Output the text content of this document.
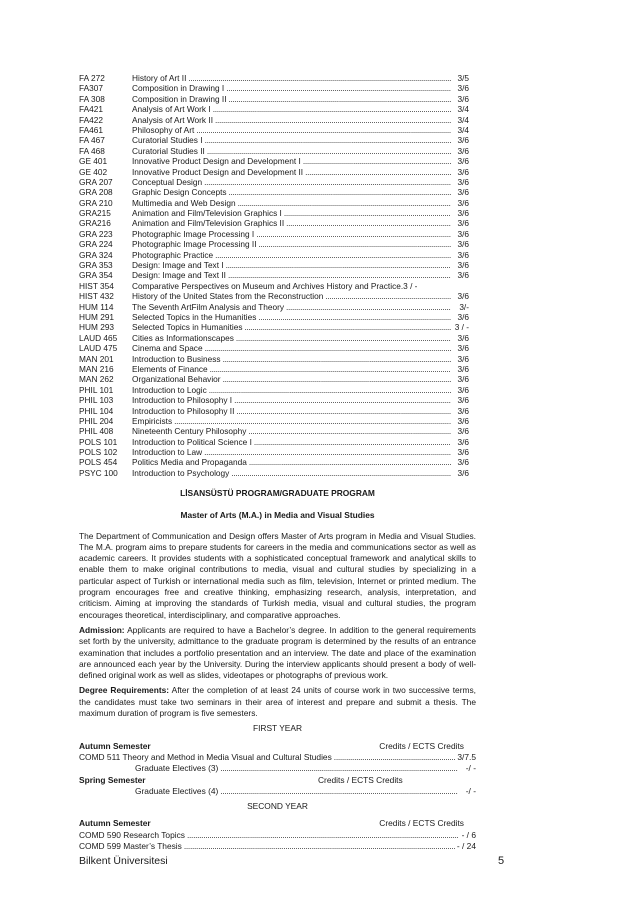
FA 272	History of Art II .....	3/5
FA307	Composition in Drawing I .....	3/6
FA 308	Composition in Drawing II .....	3/6
FA421	Analysis of Art Work I .....	3/4
FA422	Analysis of Art Work II .....	3/4
FA461	Philosophy of Art .....	3/4
FA 467	Curatorial Studies I .....	3/6
FA 468	Curatorial Studies II .....	3/6
GE 401	Innovative Product Design and Development I .....	3/6
GE 402	Innovative Product Design and Development II .....	3/6
GRA 207	Conceptual Design .....	3/6
GRA 208	Graphic Design Concepts .....	3/6
GRA 210	Multimedia and Web Design .....	3/6
GRA215	Animation and Film/Television Graphics I .....	3/6
GRA216	Animation and Film/Television Graphics II .....	3/6
GRA 223	Photographic Image Processing I .....	3/6
GRA 224	Photographic Image Processing II .....	3/6
GRA 324	Photographic Practice .....	3/6
GRA 353	Design: Image and Text I .....	3/6
GRA 354	Design: Image and Text II .....	3/6
HIST 354	Comparative Perspectives on Museum and Archives History and Practice . 3 / -
HIST 432	History of the United States from the Reconstruction .....	3/6
HUM 114	The Seventh ArtFilm Analysis and Theory .....	3/-
HUM 291	Selected Topics in the Humanities .....	3/6
HUM 293	Selected Topics in Humanities .....	3 / -
LAUD 465	Cities as Informationscapes .....	3/6
LAUD 475	Cinema and Space .....	3/6
MAN 201	Introduction to Business .....	3/6
MAN 216	Elements of Finance .....	3/6
MAN 262	Organizational Behavior .....	3/6
PHIL 101	Introduction to Logic .....	3/6
PHIL 103	Introduction to Philosophy I .....	3/6
PHIL 104	Introduction to Philosophy II .....	3/6
PHIL 204	Empiricists .....	3/6
PHIL 408	Nineteenth Century Philosophy .....	3/6
POLS 101	Introduction to Political Science I .....	3/6
POLS 102	Introduction to Law .....	3/6
POLS 454	Politics Media and Propaganda .....	3/6
PSYC 100	Introduction to Psychology .....	3/6
LİSANSÜSTÜ PROGRAM/GRADUATE PROGRAM
Master of Arts (M.A.) in Media and Visual Studies

The Department of Communication and Design offers Master of Arts program in Media and Visual Studies. The M.A. program aims to prepare students for careers in the media and communications sector as well as academic careers. It provides students with a sophisticated conceptual framework and analytical skills to enable them to make original contributions to media, visual and cultural studies by specializing in a particular aspect of Turkish or international media such as film, television, Internet or printed medium. The program encourages free and creative thinking, emphasizing research, analysis, interpretation, and criticism. Aiming at improving the standards of Turkish media, visual and cultural studies, the program encourages theoretical, interdisciplinary, and comparative approaches.

Admission: Applicants are required to have a Bachelor’s degree. In addition to the general requirements set forth by the university, admittance to the graduate program is determined by the results of an entrance examination that includes a portfolio presentation and an interview. The date and place of the examination are announced each year by the University. During the interview applicants should present a body of well-defined original work as well as slides, videotapes or photographs of previous work.

Degree Requirements: After the completion of at least 24 units of course work in two successive terms, the candidates must take two seminars in their area of interest and prepare and submit a thesis. The maximum duration of program is five semesters.

FIRST YEAR
Autumn Semester	Credits / ECTS Credits
COMD 511 Theory and Method in Media Visual and Cultural Studies .....	3/7.5
Graduate Electives (3) .....	-/ -
Spring Semester	Credits / ECTS Credits
Graduate Electives (4) .....	-/ -
SECOND YEAR
Autumn Semester	Credits / ECTS Credits
COMD 590 Research Topics .....	- / 6
COMD 599 Master’s Thesis .....	- / 24
Bilkent Üniversitesi	5
